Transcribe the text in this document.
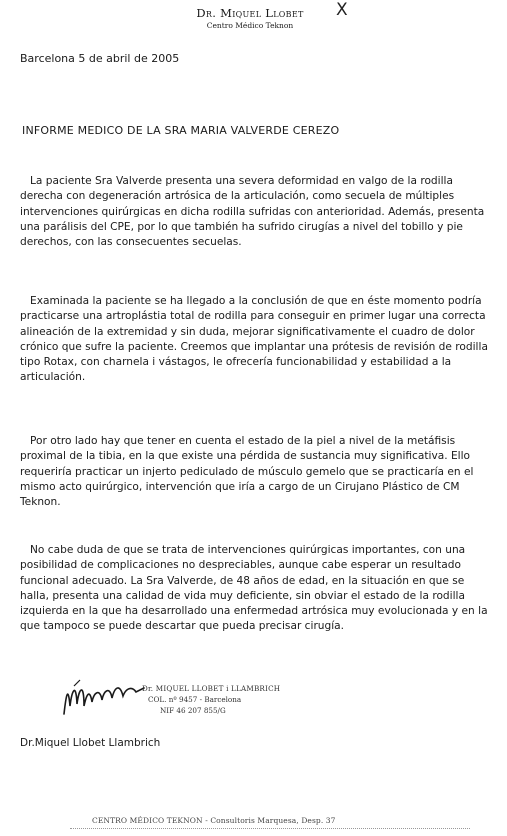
Dr. Miquel Llobet
Centro Médico Teknon
X
Barcelona 5 de abril de 2005
INFORME MEDICO DE LA SRA MARIA VALVERDE CEREZO
La paciente Sra Valverde presenta una severa deformidad en valgo de la rodilla derecha con degeneración artrósica de la articulación, como secuela de múltiples intervenciones quirúrgicas en dicha rodilla sufridas con anterioridad. Además, presenta una parálisis del CPE, por lo que también ha sufrido cirugías a nivel del tobillo y pie derechos, con las consecuentes secuelas.
Examinada la paciente se ha llegado a la conclusión de que en éste momento podría practicarse una artroplástia total de rodilla para conseguir en primer lugar una correcta alineación de la extremidad y sin duda, mejorar significativamente el cuadro de dolor crónico que sufre la paciente. Creemos que implantar una prótesis de revisión de rodilla tipo Rotax, con charnela i vástagos, le ofrecería funcionabilidad y estabilidad a la articulación.
Por otro lado hay que tener en cuenta el estado de la piel a nivel de la metáfisis proximal de la tibia, en la que existe una pérdida de sustancia muy significativa. Ello requeriría practicar un injerto pediculado de músculo gemelo que se practicaría en el mismo acto quirúrgico, intervención que iría a cargo de un Cirujano Plástico de CM Teknon.
No cabe duda de que se trata de intervenciones quirúrgicas importantes, con una posibilidad de complicaciones no despreciables, aunque cabe esperar un resultado funcional adecuado. La Sra Valverde, de 48 años de edad, en la situación en que se halla, presenta una calidad de vida muy deficiente, sin obviar el estado de la rodilla izquierda en la que ha desarrollado una enfermedad artrósica muy evolucionada y en la que tampoco se puede descartar que pueda precisar cirugía.
Dr. MIQUEL LLOBET i LLAMBRICH
COL. nº 9457 - Barcelona
NIF 46 207 855/G
Dr.Miquel Llobet Llambrich
CENTRO MÉDICO TEKNON - Consultoris Marquesa, Desp. 37
